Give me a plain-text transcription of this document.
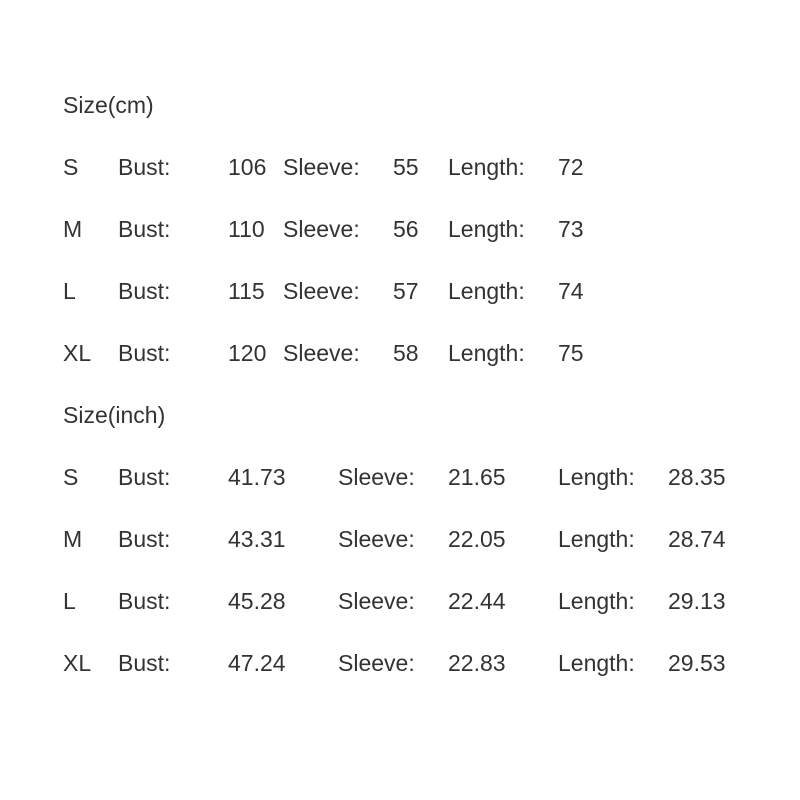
Size(cm)
S Bust:	106 Sleeve: 55 Length: 72
M Bust:	110 Sleeve: 56 Length: 73
L Bust:	115 Sleeve: 57 Length: 74
XL Bust:	120 Sleeve: 58 Length: 75
Size(inch)
S Bust:	41.73 Sleeve: 21.65 Length: 28.35
M Bust:	43.31 Sleeve: 22.05 Length: 28.74
L Bust:	45.28 Sleeve: 22.44 Length: 29.13
XL Bust:	47.24 Sleeve: 22.83 Length: 29.53
